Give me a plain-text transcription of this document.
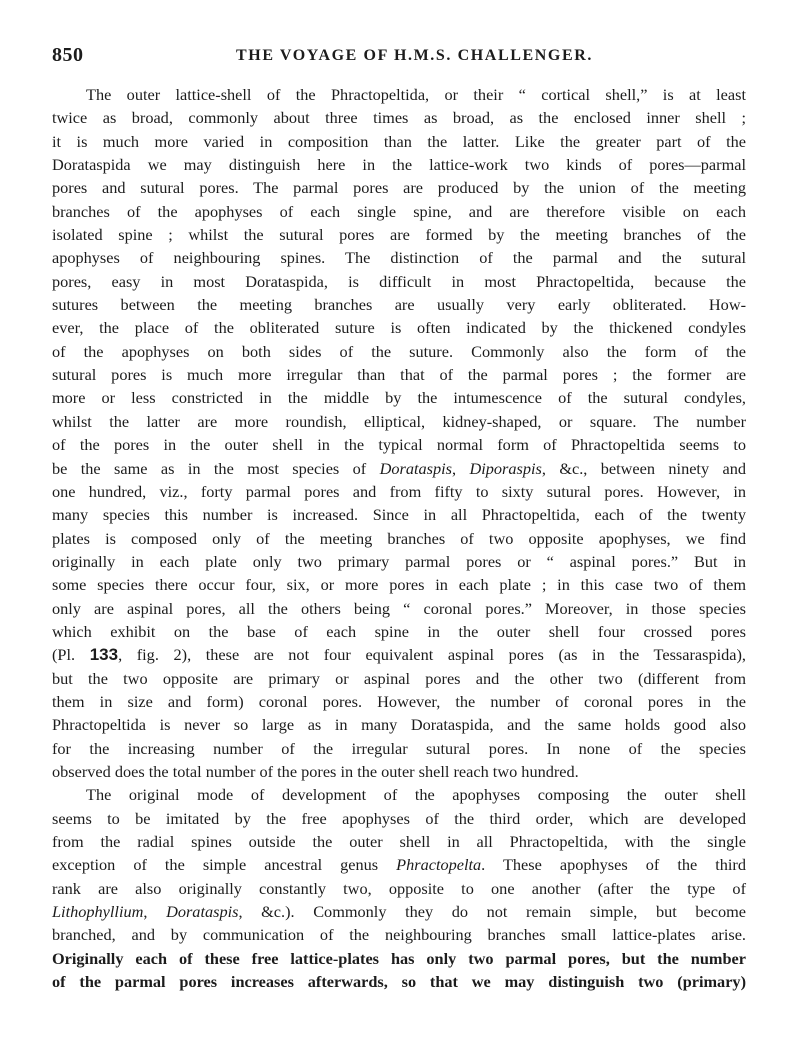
850	THE VOYAGE OF H.M.S. CHALLENGER.
The outer lattice-shell of the Phractopeltida, or their “ cortical shell,” is at least
twice as broad, commonly about three times as broad, as the enclosed inner shell ;
it is much more varied in composition than the latter. Like the greater part of the
Dorataspida we may distinguish here in the lattice-work two kinds of pores—parmal
pores and sutural pores. The parmal pores are produced by the union of the meeting
branches of the apophyses of each single spine, and are therefore visible on each
isolated spine ; whilst the sutural pores are formed by the meeting branches of the
apophyses of neighbouring spines. The distinction of the parmal and the sutural
pores, easy in most Dorataspida, is difficult in most Phractopeltida, because the
sutures between the meeting branches are usually very early obliterated. How-
ever, the place of the obliterated suture is often indicated by the thickened condyles
of the apophyses on both sides of the suture. Commonly also the form of the
sutural pores is much more irregular than that of the parmal pores ; the former are
more or less constricted in the middle by the intumescence of the sutural condyles,
whilst the latter are more roundish, elliptical, kidney-shaped, or square. The number
of the pores in the outer shell in the typical normal form of Phractopeltida seems to
be the same as in the most species of Dorataspis, Diporaspis, &c., between ninety and
one hundred, viz., forty parmal pores and from fifty to sixty sutural pores. However, in
many species this number is increased. Since in all Phractopeltida, each of the twenty
plates is composed only of the meeting branches of two opposite apophyses, we find
originally in each plate only two primary parmal pores or “ aspinal pores.” But in
some species there occur four, six, or more pores in each plate ; in this case two of them
only are aspinal pores, all the others being “ coronal pores.” Moreover, in those species
which exhibit on the base of each spine in the outer shell four crossed pores
(Pl. 133, fig. 2), these are not four equivalent aspinal pores (as in the Tessaraspida),
but the two opposite are primary or aspinal pores and the other two (different from
them in size and form) coronal pores. However, the number of coronal pores in the
Phractopeltida is never so large as in many Dorataspida, and the same holds good also
for the increasing number of the irregular sutural pores. In none of the species
observed does the total number of the pores in the outer shell reach two hundred.
The original mode of development of the apophyses composing the outer shell
seems to be imitated by the free apophyses of the third order, which are developed
from the radial spines outside the outer shell in all Phractopeltida, with the single
exception of the simple ancestral genus Phractopelta. These apophyses of the third
rank are also originally constantly two, opposite to one another (after the type of
Lithophyllium, Dorataspis, &c.). Commonly they do not remain simple, but become
branched, and by communication of the neighbouring branches small lattice-plates arise.
Originally each of these free lattice-plates has only two parmal pores, but the number
of the parmal pores increases afterwards, so that we may distinguish two (primary)
